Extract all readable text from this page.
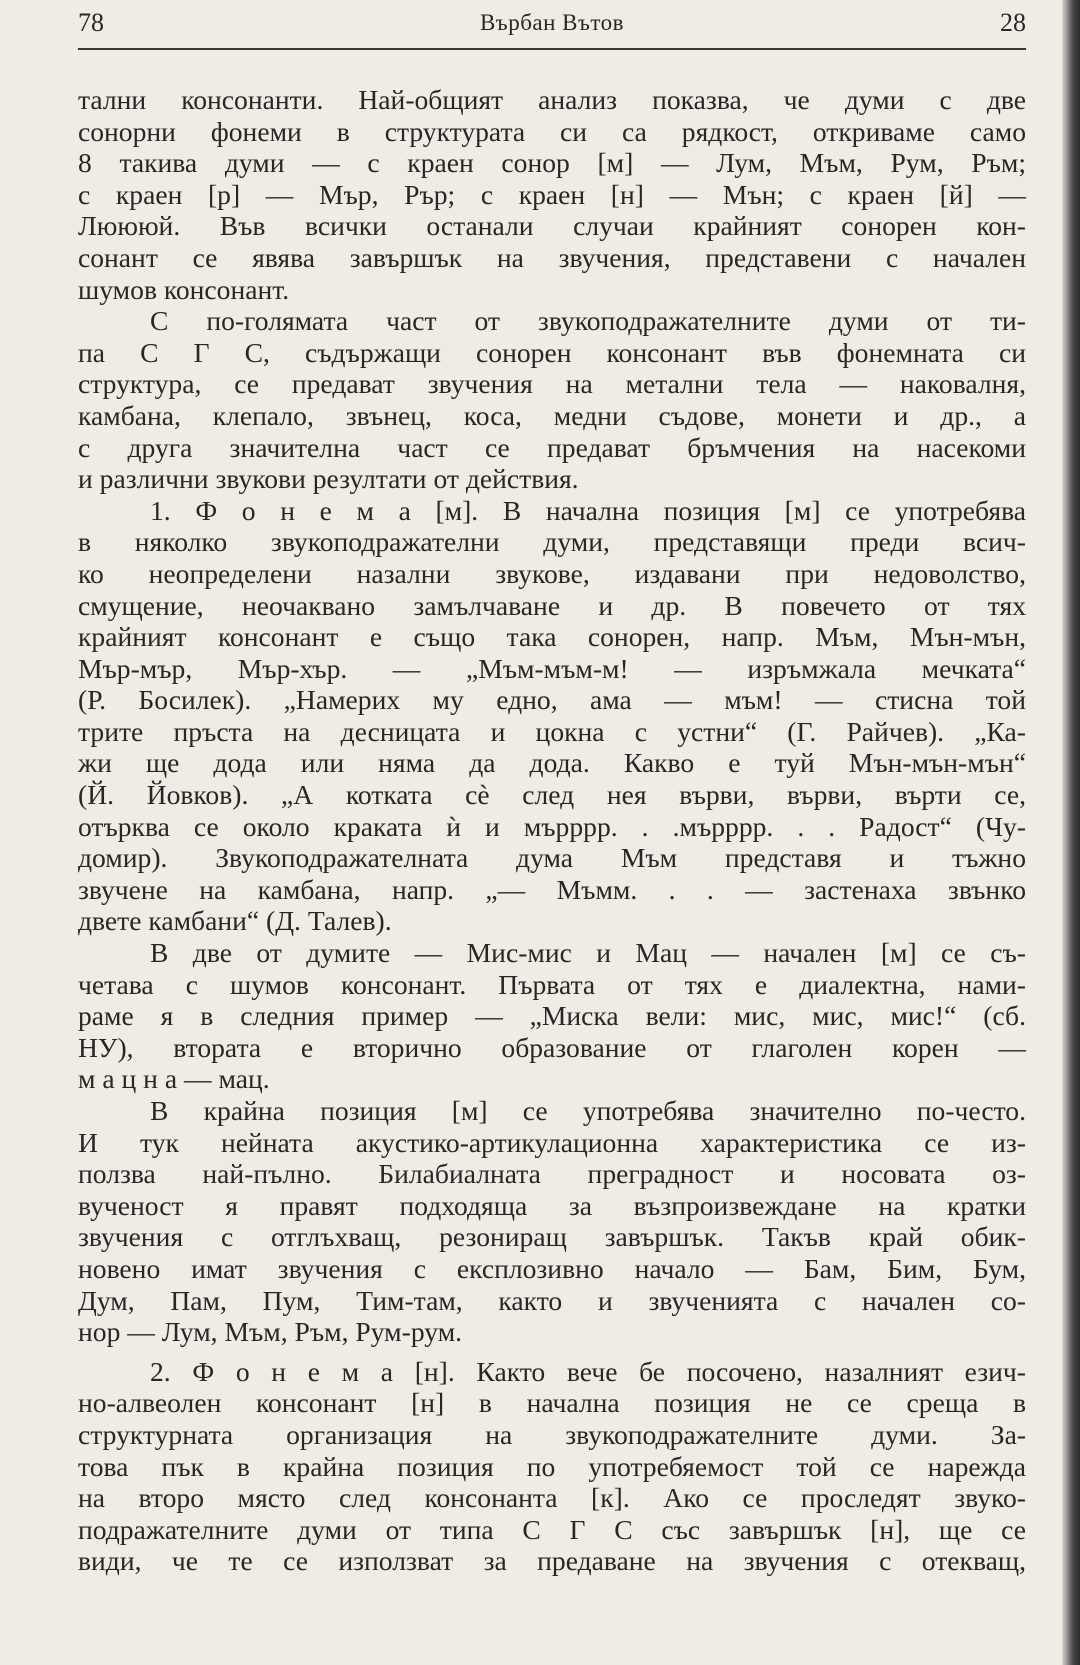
78	Върбан Вътов	28
тални консонанти. Най-общият анализ показва, че думи с две
сонорни фонеми в структурата си са рядкост, откриваме само
8 такива думи — с краен сонор [м] — Лум, Мъм, Рум, Ръм;
с краен [р] — Мър, Рър; с краен [н] — Мън; с краен [й] —
Люююй. Във всички останали случаи крайният сонорен кон-
сонант се явява завършък на звучения, представени с начален
шумов консонант.
С по-голямата част от звукоподражателните думи от ти-
па С Г С, съдържащи сонорен консонант във фонемната си
структура, се предават звучения на метални тела — наковалня,
камбана, клепало, звънец, коса, медни съдове, монети и др., а
с друга значителна част се предават бръмчения на насекоми
и различни звукови резултати от действия.
1. Ф о н е м а [м]. В начална позиция [м] се употребява
в няколко звукоподражателни думи, представящи преди всич-
ко неопределени назални звукове, издавани при недоволство,
смущение, неочаквано замълчаване и др. В повечето от тях
крайният консонант е също така сонорен, напр. Мъм, Мън-мън,
Мър-мър, Мър-хър. — „Мъм-мъм-м! — изръмжала мечката“
(Р. Босилек). „Намерих му едно, ама — мъм! — стисна той
трите пръста на десницата и цокна с устни“ (Г. Райчев). „Ка-
жи ще дода или няма да дода. Какво е туй Мън-мън-мън“
(Й. Йовков). „А котката сѐ след нея върви, върви, върти се,
отърква се около краката ѝ и мърррр. . .мърррр. . . Радост“ (Чу-
домир). Звукоподражателната дума Мъм представя и тъжно
звучене на камбана, напр. „— Мъмм. . . — застенаха звънко
двете камбани“ (Д. Талев).
В две от думите — Мис-мис и Мац — начален [м] се съ-
четава с шумов консонант. Първата от тях е диалектна, нами-
раме я в следния пример — „Миска вели: мис, мис, мис!“ (сб.
НУ), втората е вторично образование от глаголен корен —
м а ц н а — мац.
В крайна позиция [м] се употребява значително по-често.
И тук нейната акустико-артикулационна характеристика се из-
ползва най-пълно. Билабиалната преградност и носовата оз-
вученост я правят подходяща за възпроизвеждане на кратки
звучения с отглъхващ, резониращ завършък. Такъв край обик-
новено имат звучения с експлозивно начало — Бам, Бим, Бум,
Дум, Пам, Пум, Тим-там, както и звученията с начален со-
нор — Лум, Мъм, Ръм, Рум-рум.
2. Ф о н е м а [н]. Както вече бе посочено, назалният езич-
но-алвеолен консонант [н] в начална позиция не се среща в
структурната организация на звукоподражателните думи. За-
това пък в крайна позиция по употребяемост той се нарежда
на второ място след консонанта [к]. Ако се проследят звуко-
подражателните думи от типа С Г С със завършък [н], ще се
види, че те се използват за предаване на звучения с отекващ,
